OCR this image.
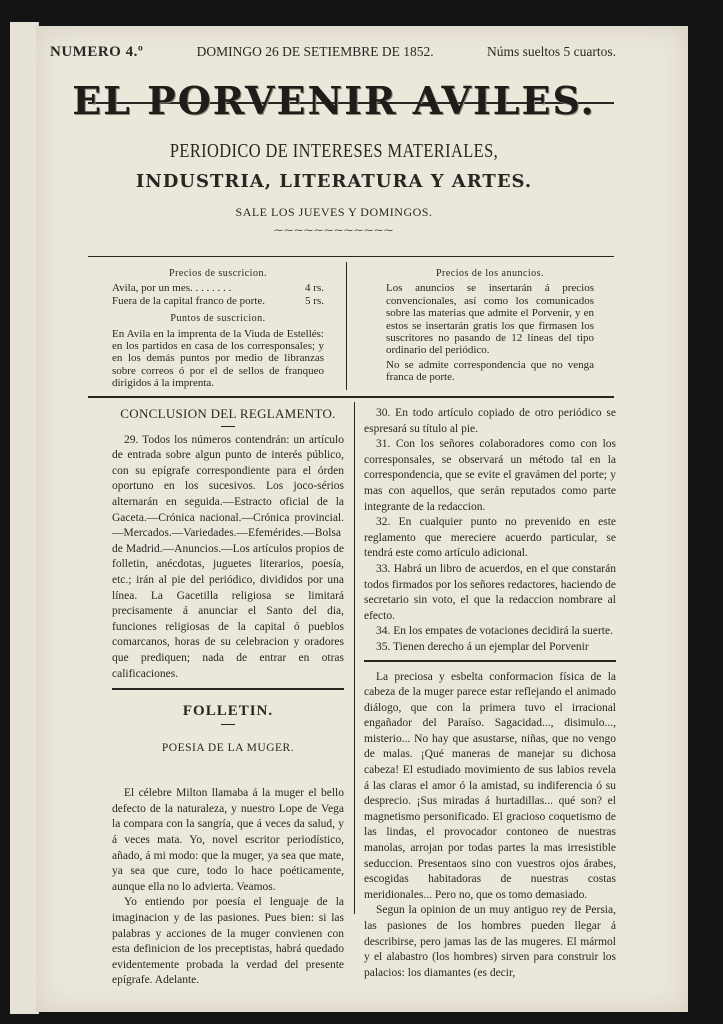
NUMERO 4.º	DOMINGO 26 DE SETIEMBRE DE 1852.	Núms sueltos 5 cuartos.
EL PORVENIR AVILES.
PERIODICO DE INTERESES MATERIALES,
INDUSTRIA, LITERATURA Y ARTES.
SALE LOS JUEVES Y DOMINGOS.
⁓⁓⁓⁓⁓⁓⁓⁓⁓⁓⁓⁓
Precios de suscricion.
Avila, por un mes. . . . . . . .	4 rs.
Fuera de la capital franco de porte.	5 rs.
Puntos de suscricion.
En Avila en la imprenta de la Viuda de Estellés: en los partidos en casa de los corresponsales; y en los demás puntos por medio de libranzas sobre correos ó por el de sellos de franqueo dirigidos á la imprenta.
Precios de los anuncios.
Los anuncios se insertarán á precios convencionales, así como los comunicados sobre las materias que admite el Porvenir, y en estos se insertarán gratis los que firmasen los suscritores no pasando de 12 líneas del tipo ordinario del periódico.
No se admite correspondencia que no venga franca de porte.

CONCLUSION DEL REGLAMENTO.

29. Todos los números contendrán: un artículo de entrada sobre algun punto de interés público, con su epígrafe correspondiente para el órden oportuno en los sucesivos. Los joco-sérios alternarán en seguida.—Estracto oficial de la Gaceta.—Crónica nacional.—Crónica provincial.—Mercados.—Variedades.—Efemérides.—Bolsa de Madrid.—Anuncios.—Los artículos propios de folletin, anécdotas, juguetes literarios, poesía, etc.; irán al pie del periódico, divididos por una línea. La Gacetilla religiosa se limitará precisamente á anunciar el Santo del dia, funciones religiosas de la capital ó pueblos comarcanos, horas de su celebracion y oradores que prediquen; nada de entrar en otras calificaciones.

FOLLETIN.

POESIA DE LA MUGER.

El célebre Milton llamaba á la muger el bello defecto de la naturaleza, y nuestro Lope de Vega la compara con la sangría, que á veces da salud, y á veces mata. Yo, novel escritor periodístico, añado, á mi modo: que la muger, ya sea que mate, ya sea que cure, todo lo hace poéticamente, aunque ella no lo advierta. Veamos.

Yo entiendo por poesía el lenguaje de la imaginacion y de las pasiones. Pues bien: si las palabras y acciones de la muger convienen con esta definicion de los preceptistas, habrá quedado evidentemente probada la verdad del presente epígrafe. Adelante.

30. En todo artículo copiado de otro periódico se espresará su título al pie.

31. Con los señores colaboradores como con los corresponsales, se observará un método tal en la correspondencia, que se evite el gravámen del porte; y mas con aquellos, que serán reputados como parte integrante de la redaccion.

32. En cualquier punto no prevenido en este reglamento que mereciere acuerdo particular, se tendrá este como artículo adicional.

33. Habrá un libro de acuerdos, en el que constarán todos firmados por los señores redactores, haciendo de secretario sin voto, el que la redaccion nombrare al efecto.

34. En los empates de votaciones decidirá la suerte.

35. Tienen derecho á un ejemplar del Porvenir

La preciosa y esbelta conformacion física de la cabeza de la muger parece estar reflejando el animado diálogo, que con la primera tuvo el irracional engañador del Paraíso. Sagacidad..., disimulo..., misterio... No hay que asustarse, niñas, que no vengo de malas. ¡Qué maneras de manejar su dichosa cabeza! El estudiado movimiento de sus labios revela á las claras el amor ó la amistad, su indiferencia ó su desprecio. ¡Sus miradas á hurtadillas... qué son? el magnetismo personificado. El gracioso coquetismo de las lindas, el provocador contoneo de nuestras manolas, arrojan por todas partes la mas irresistible seduccion. Presentaos sino con vuestros ojos árabes, escogidas habitadoras de nuestras costas meridionales... Pero no, que os tomo demasiado.

Segun la opinion de un muy antiguo rey de Persia, las pasiones de los hombres pueden llegar á describirse, pero jamas las de las mugeres. El mármol y el alabastro (los hombres) sirven para construir los palacios: los diamantes (es decir,
